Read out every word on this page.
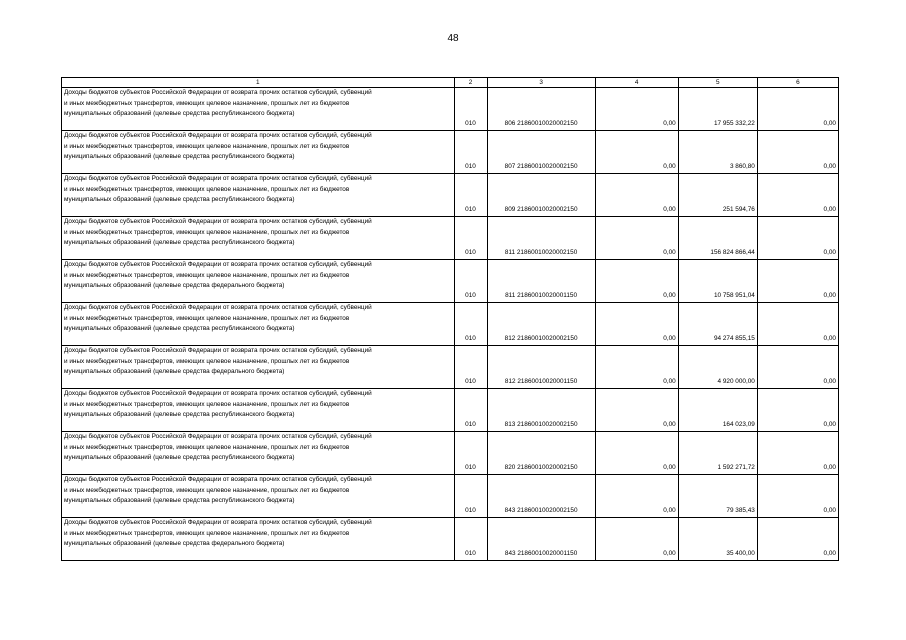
48
1	2	3	4	5	6

Доходы бюджетов субъектов Российской Федерации от возврата прочих остатков субсидий, субвенций
и иных межбюджетных трансфертов, имеющих целевое назначение, прошлых лет из бюджетов
муниципальных образований (целевые средства республиканского бюджета)	010	806 21860010020002150	0,00	17 955 332,22	0,00

Доходы бюджетов субъектов Российской Федерации от возврата прочих остатков субсидий, субвенций
и иных межбюджетных трансфертов, имеющих целевое назначение, прошлых лет из бюджетов
муниципальных образований (целевые средства республиканского бюджета)	010	807 21860010020002150	0,00	3 860,80	0,00

Доходы бюджетов субъектов Российской Федерации от возврата прочих остатков субсидий, субвенций
и иных межбюджетных трансфертов, имеющих целевое назначение, прошлых лет из бюджетов
муниципальных образований (целевые средства республиканского бюджета)	010	809 21860010020002150	0,00	251 594,76	0,00

Доходы бюджетов субъектов Российской Федерации от возврата прочих остатков субсидий, субвенций
и иных межбюджетных трансфертов, имеющих целевое назначение, прошлых лет из бюджетов
муниципальных образований (целевые средства республиканского бюджета)	010	811 21860010020002150	0,00	156 824 866,44	0,00

Доходы бюджетов субъектов Российской Федерации от возврата прочих остатков субсидий, субвенций
и иных межбюджетных трансфертов, имеющих целевое назначение, прошлых лет из бюджетов
муниципальных образований (целевые средства федерального бюджета)	010	811 21860010020001150	0,00	10 758 951,04	0,00

Доходы бюджетов субъектов Российской Федерации от возврата прочих остатков субсидий, субвенций
и иных межбюджетных трансфертов, имеющих целевое назначение, прошлых лет из бюджетов
муниципальных образований (целевые средства республиканского бюджета)	010	812 21860010020002150	0,00	94 274 855,15	0,00

Доходы бюджетов субъектов Российской Федерации от возврата прочих остатков субсидий, субвенций
и иных межбюджетных трансфертов, имеющих целевое назначение, прошлых лет из бюджетов
муниципальных образований (целевые средства федерального бюджета)	010	812 21860010020001150	0,00	4 920 000,00	0,00

Доходы бюджетов субъектов Российской Федерации от возврата прочих остатков субсидий, субвенций
и иных межбюджетных трансфертов, имеющих целевое назначение, прошлых лет из бюджетов
муниципальных образований (целевые средства республиканского бюджета)	010	813 21860010020002150	0,00	164 023,09	0,00

Доходы бюджетов субъектов Российской Федерации от возврата прочих остатков субсидий, субвенций
и иных межбюджетных трансфертов, имеющих целевое назначение, прошлых лет из бюджетов
муниципальных образований (целевые средства республиканского бюджета)	010	820 21860010020002150	0,00	1 592 271,72	0,00

Доходы бюджетов субъектов Российской Федерации от возврата прочих остатков субсидий, субвенций
и иных межбюджетных трансфертов, имеющих целевое назначение, прошлых лет из бюджетов
муниципальных образований (целевые средства республиканского бюджета)	010	843 21860010020002150	0,00	79 385,43	0,00

Доходы бюджетов субъектов Российской Федерации от возврата прочих остатков субсидий, субвенций
и иных межбюджетных трансфертов, имеющих целевое назначение, прошлых лет из бюджетов
муниципальных образований (целевые средства федерального бюджета)	010	843 21860010020001150	0,00	35 400,00	0,00
